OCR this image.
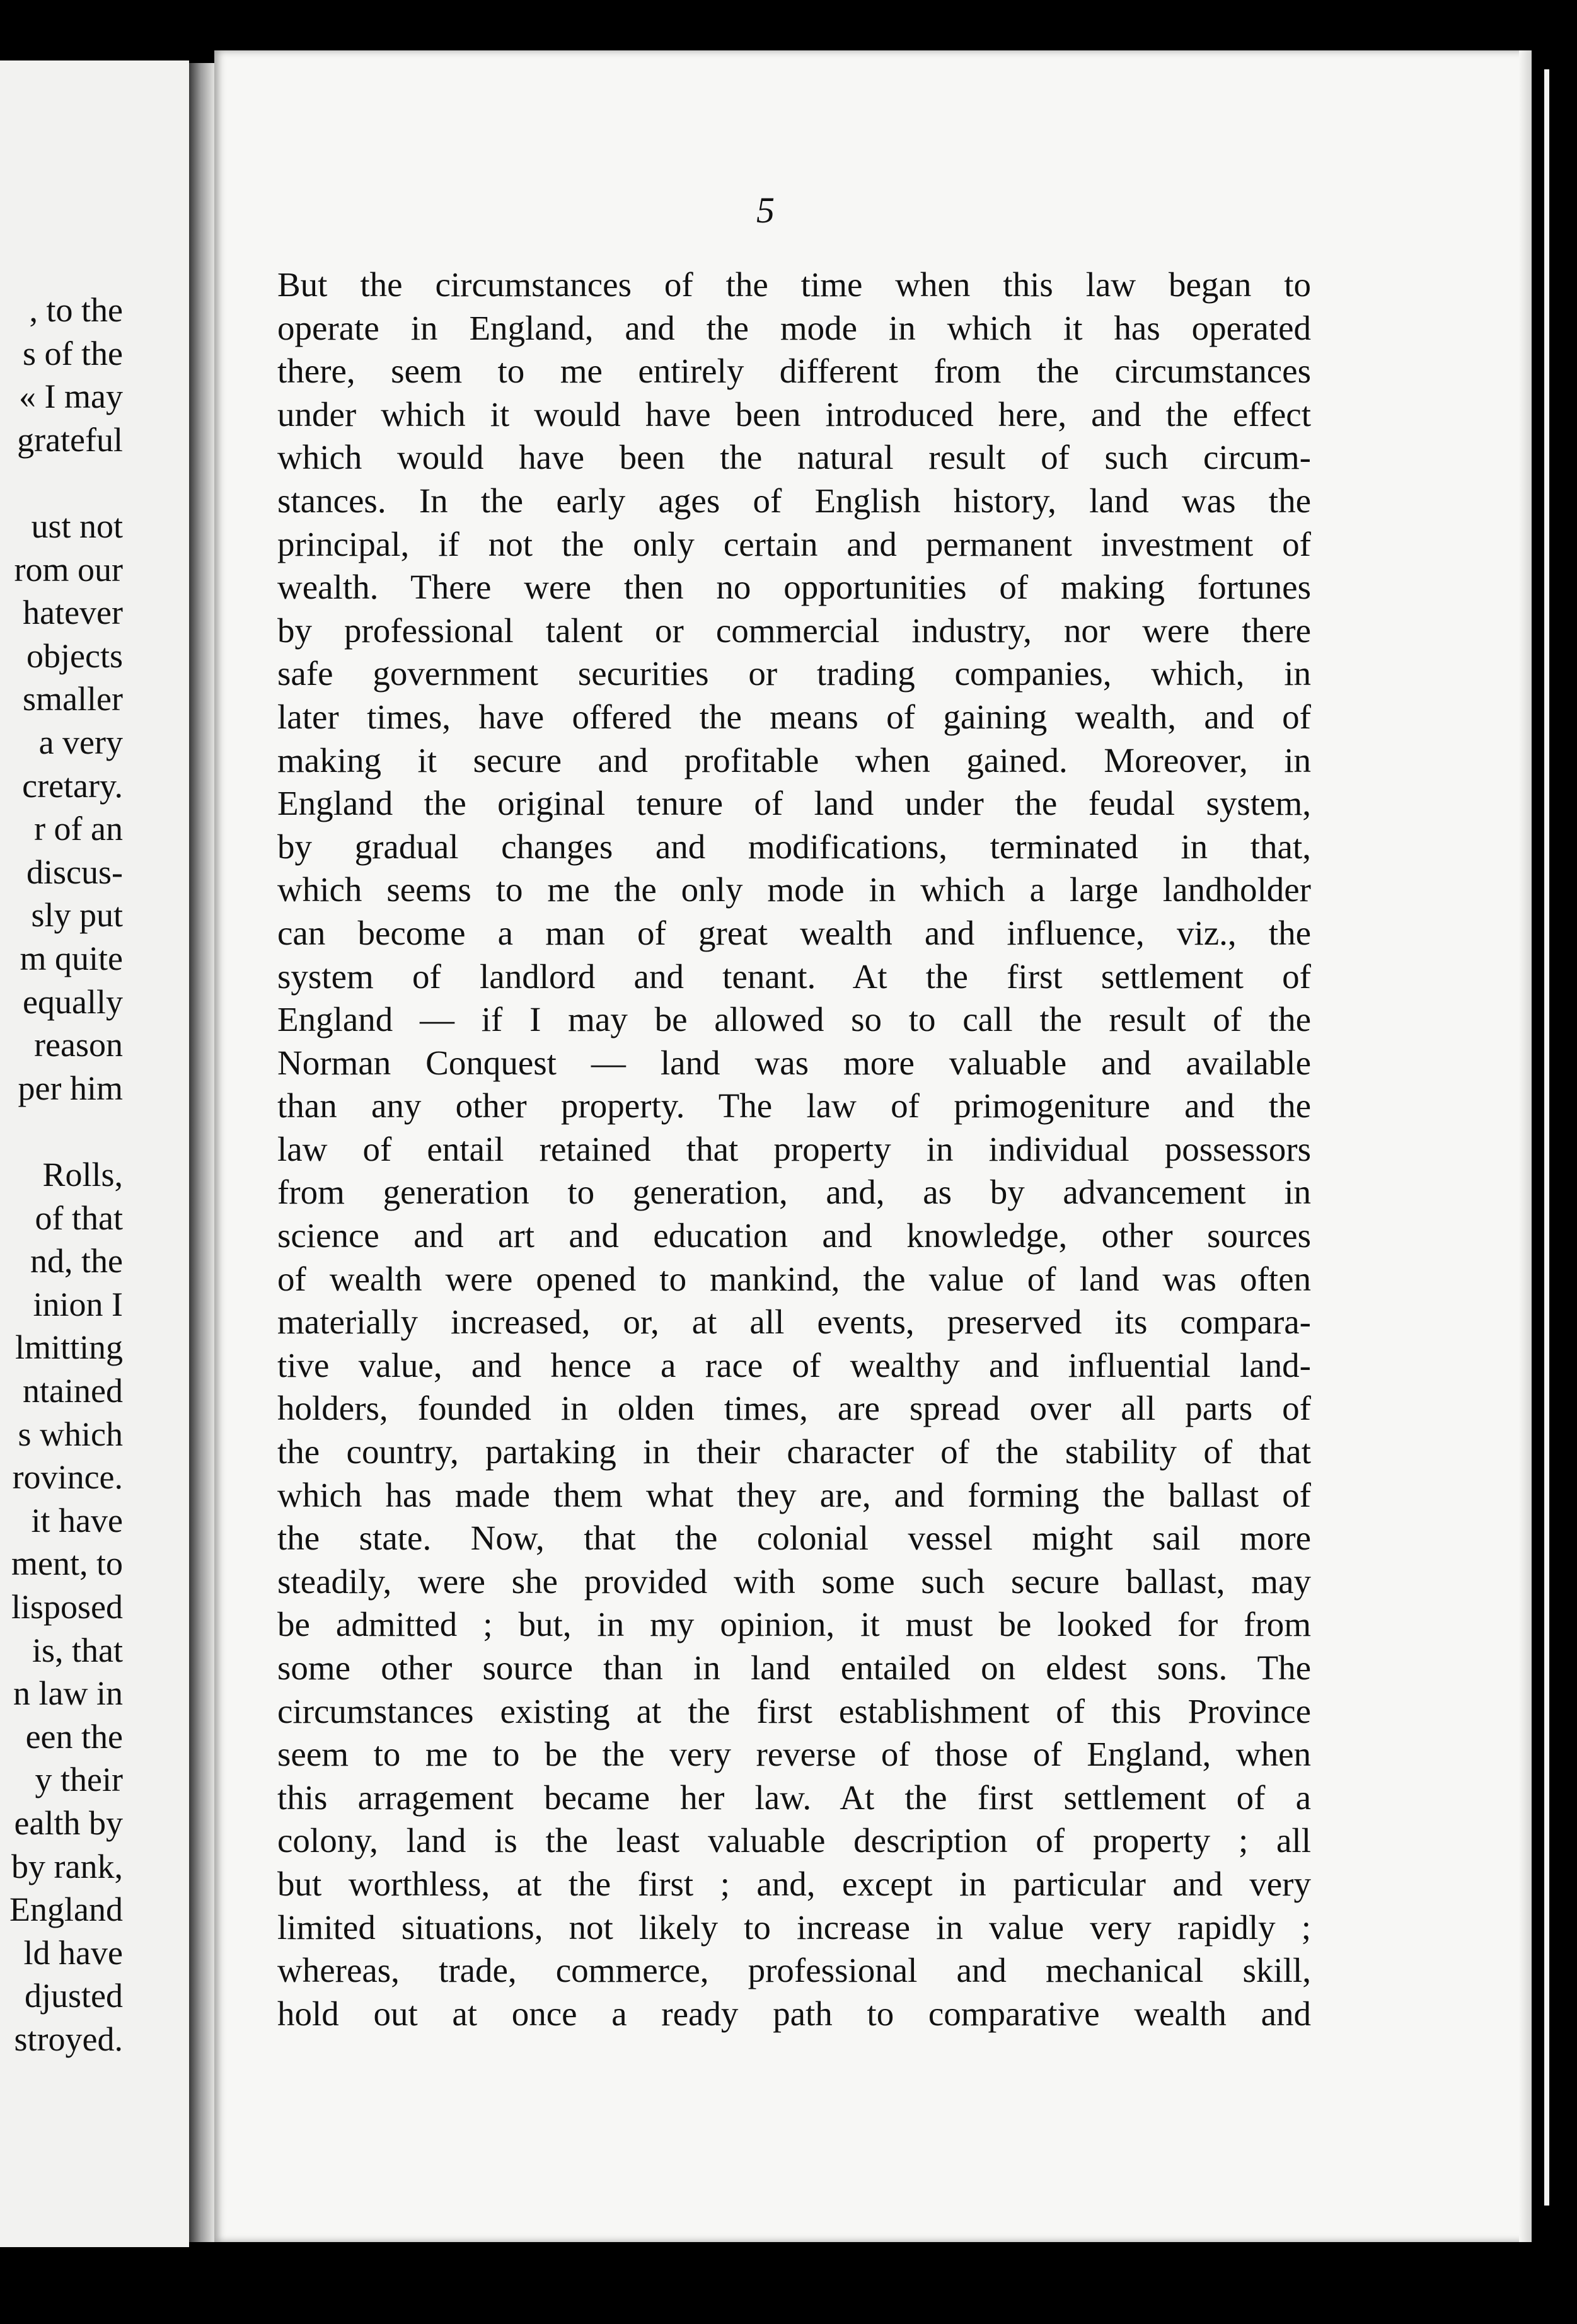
, to the
s of the
« I may
grateful
ust not
rom our
hatever
objects
smaller
a very
cretary.
r of an
discus-
sly put
m quite
equally
reason
per him
Rolls,
of that
nd, the
inion I
lmitting
ntained
s which
rovince.
it have
ment, to
lisposed
is, that
n law in
een the
y their
ealth by
by rank,
England
ld have
djusted
stroyed.
5
But the circumstances of the time when this law began to
operate in England, and the mode in which it has operated
there, seem to me entirely different from the circumstances
under which it would have been introduced here, and the effect
which would have been the natural result of such circum-
stances. In the early ages of English history, land was the
principal, if not the only certain and permanent investment of
wealth. There were then no opportunities of making fortunes
by professional talent or commercial industry, nor were there
safe government securities or trading companies, which, in
later times, have offered the means of gaining wealth, and of
making it secure and profitable when gained. Moreover, in
England the original tenure of land under the feudal system,
by gradual changes and modifications, terminated in that,
which seems to me the only mode in which a large landholder
can become a man of great wealth and influence, viz., the
system of landlord and tenant. At the first settlement of
England — if I may be allowed so to call the result of the
Norman Conquest — land was more valuable and available
than any other property. The law of primogeniture and the
law of entail retained that property in individual possessors
from generation to generation, and, as by advancement in
science and art and education and knowledge, other sources
of wealth were opened to mankind, the value of land was often
materially increased, or, at all events, preserved its compara-
tive value, and hence a race of wealthy and influential land-
holders, founded in olden times, are spread over all parts of
the country, partaking in their character of the stability of that
which has made them what they are, and forming the ballast of
the state. Now, that the colonial vessel might sail more
steadily, were she provided with some such secure ballast, may
be admitted ; but, in my opinion, it must be looked for from
some other source than in land entailed on eldest sons. The
circumstances existing at the first establishment of this Province
seem to me to be the very reverse of those of England, when
this arragement became her law. At the first settlement of a
colony, land is the least valuable description of property ; all
but worthless, at the first ; and, except in particular and very
limited situations, not likely to increase in value very rapidly ;
whereas, trade, commerce, professional and mechanical skill,
hold out at once a ready path to comparative wealth and
